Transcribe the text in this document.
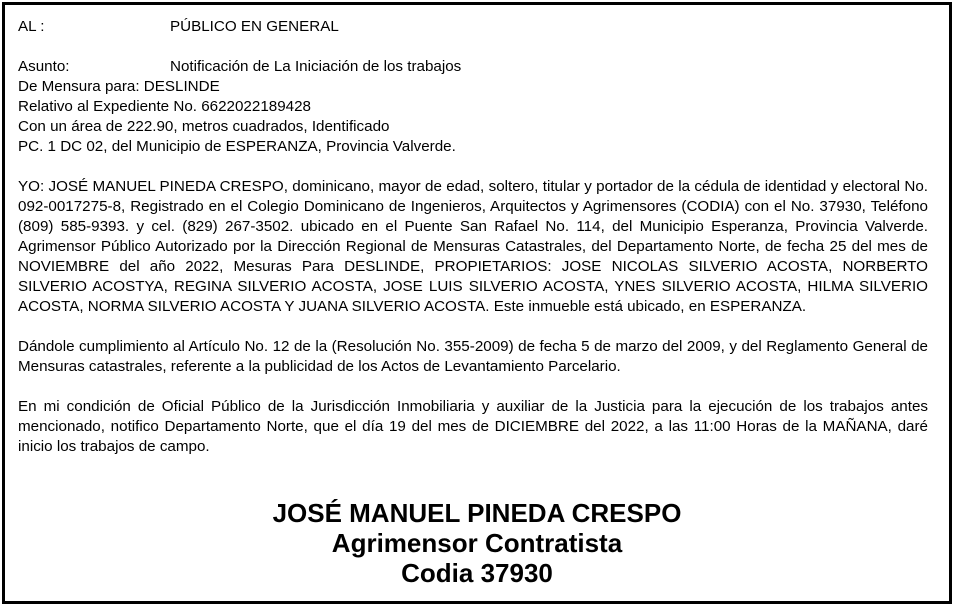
AL :	PÚBLICO EN GENERAL
Asunto:	Notificación de La Iniciación de los trabajos
De Mensura para: DESLINDE
Relativo al Expediente No. 6622022189428
Con un área de 222.90, metros cuadrados, Identificado
PC. 1 DC 02, del Municipio de ESPERANZA, Provincia Valverde.
YO: JOSÉ MANUEL PINEDA CRESPO, dominicano, mayor de edad, soltero, titular y portador de la cédula de identidad y electoral No. 092-0017275-8, Registrado en el Colegio Dominicano de Ingenieros, Arquitectos y Agrimensores (CODIA) con el No. 37930, Teléfono (809) 585-9393. y cel. (829) 267-3502. ubicado en el Puente San Rafael No. 114, del Municipio Esperanza, Provincia Valverde. Agrimensor Público Autorizado por la Dirección Regional de Mensuras Catastrales, del Departamento Norte, de fecha 25 del mes de NOVIEMBRE del año 2022, Mesuras Para DESLINDE, PROPIETARIOS: JOSE NICOLAS SILVERIO ACOSTA, NORBERTO SILVERIO ACOSTYA, REGINA SILVERIO ACOSTA, JOSE LUIS SILVERIO ACOSTA, YNES SILVERIO ACOSTA, HILMA SILVERIO ACOSTA, NORMA SILVERIO ACOSTA Y JUANA SILVERIO ACOSTA. Este inmueble está ubicado, en ESPERANZA.
Dándole cumplimiento al Artículo No. 12 de la (Resolución No. 355-2009) de fecha 5 de marzo del 2009, y del Reglamento General de Mensuras catastrales, referente a la publicidad de los Actos de Levantamiento Parcelario.
En mi condición de Oficial Público de la Jurisdicción Inmobiliaria y auxiliar de la Justicia para la ejecución de los trabajos antes mencionado, notifico Departamento Norte, que el día 19 del mes de DICIEMBRE del 2022, a las 11:00 Horas de la MAÑANA, daré inicio los trabajos de campo.
JOSÉ MANUEL PINEDA CRESPO
Agrimensor Contratista
Codia 37930
